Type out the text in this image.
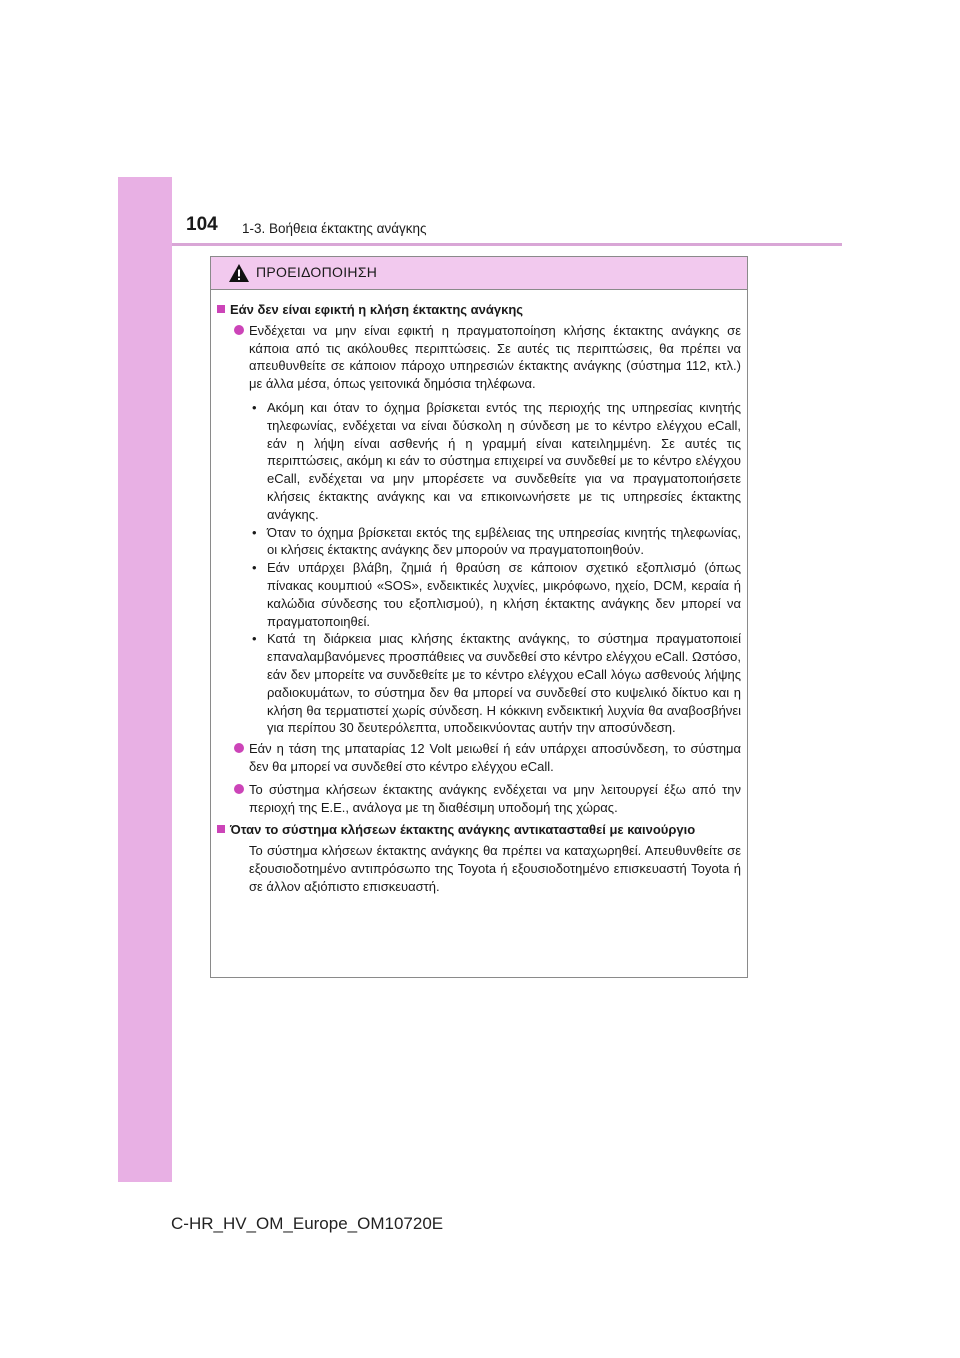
104 1-3. Βοήθεια έκτακτης ανάγκης
ΠΡΟΕΙΔΟΠΟΙΗΣΗ
Εάν δεν είναι εφικτή η κλήση έκτακτης ανάγκης
Ενδέχεται να μην είναι εφικτή η πραγματοποίηση κλήσης έκτακτης ανάγκης σε κάποια από τις ακόλουθες περιπτώσεις. Σε αυτές τις περιπτώσεις, θα πρέπει να απευθυνθείτε σε κάποιον πάροχο υπηρεσιών έκτακτης ανάγκης (σύστημα 112, κτλ.) με άλλα μέσα, όπως γειτονικά δημόσια τηλέφωνα.
• Ακόμη και όταν το όχημα βρίσκεται εντός της περιοχής της υπηρεσίας κινητής τηλεφωνίας, ενδέχεται να είναι δύσκολη η σύνδεση με το κέντρο ελέγχου eCall, εάν η λήψη είναι ασθενής ή η γραμμή είναι κατειλημμένη. Σε αυτές τις περιπτώσεις, ακόμη κι εάν το σύστημα επιχειρεί να συνδεθεί με το κέντρο ελέγχου eCall, ενδέχεται να μην μπορέσετε να συνδεθείτε για να πραγματοποιήσετε κλήσεις έκτακτης ανάγκης και να επικοινωνήσετε με τις υπηρεσίες έκτακτης ανάγκης.
• Όταν το όχημα βρίσκεται εκτός της εμβέλειας της υπηρεσίας κινητής τηλεφωνίας, οι κλήσεις έκτακτης ανάγκης δεν μπορούν να πραγματοποιηθούν.
• Εάν υπάρχει βλάβη, ζημιά ή θραύση σε κάποιον σχετικό εξοπλισμό (όπως πίνακας κουμπιού «SOS», ενδεικτικές λυχνίες, μικρόφωνο, ηχείο, DCM, κεραία ή καλώδια σύνδεσης του εξοπλισμού), η κλήση έκτακτης ανάγκης δεν μπορεί να πραγματοποιηθεί.
• Κατά τη διάρκεια μιας κλήσης έκτακτης ανάγκης, το σύστημα πραγματοποιεί επαναλαμβανόμενες προσπάθειες να συνδεθεί στο κέντρο ελέγχου eCall. Ωστόσο, εάν δεν μπορείτε να συνδεθείτε με το κέντρο ελέγχου eCall λόγω ασθενούς λήψης ραδιοκυμάτων, το σύστημα δεν θα μπορεί να συνδεθεί στο κυψελικό δίκτυο και η κλήση θα τερματιστεί χωρίς σύνδεση. Η κόκκινη ενδεικτική λυχνία θα αναβοσβήνει για περίπου 30 δευτερόλεπτα, υποδεικνύοντας αυτήν την αποσύνδεση.
Εάν η τάση της μπαταρίας 12 Volt μειωθεί ή εάν υπάρχει αποσύνδεση, το σύστημα δεν θα μπορεί να συνδεθεί στο κέντρο ελέγχου eCall.
Το σύστημα κλήσεων έκτακτης ανάγκης ενδέχεται να μην λειτουργεί έξω από την περιοχή της Ε.Ε., ανάλογα με τη διαθέσιμη υποδομή της χώρας.
Όταν το σύστημα κλήσεων έκτακτης ανάγκης αντικατασταθεί με καινούργιο
Το σύστημα κλήσεων έκτακτης ανάγκης θα πρέπει να καταχωρηθεί. Απευθυνθείτε σε εξουσιοδοτημένο αντιπρόσωπο της Toyota ή εξουσιοδοτημένο επισκευαστή Toyota ή σε άλλον αξιόπιστο επισκευαστή.
C-HR_HV_OM_Europe_OM10720E
